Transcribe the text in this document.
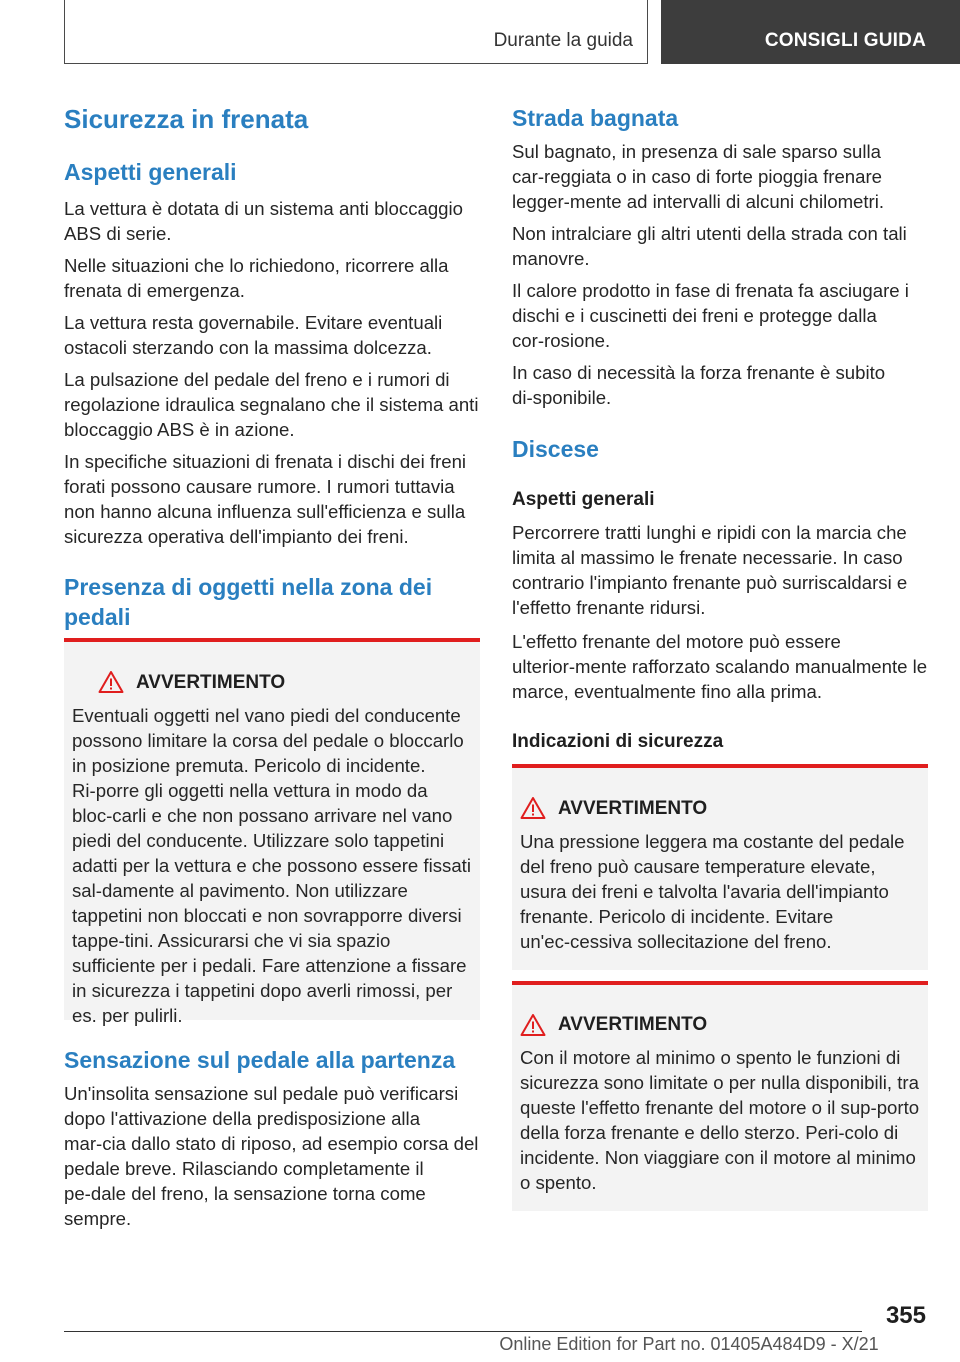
Durante la guida	CONSIGLI GUIDA
Sicurezza in frenata
Aspetti generali

La vettura è dotata di un sistema anti bloccaggio ABS di serie.

Nelle situazioni che lo richiedono, ricorrere alla frenata di emergenza.

La vettura resta governabile. Evitare eventuali ostacoli sterzando con la massima dolcezza.

La pulsazione del pedale del freno e i rumori di regolazione idraulica segnalano che il sistema anti bloccaggio ABS è in azione.

In specifiche situazioni di frenata i dischi dei freni forati possono causare rumore. I rumori tuttavia non hanno alcuna influenza sull'efficienza e sulla sicurezza operativa dell'impianto dei freni.

Presenza di oggetti nella zona dei pedali
AVVERTIMENTO

Eventuali oggetti nel vano piedi del conducente possono limitare la corsa del pedale o bloccarlo in posizione premuta. Pericolo di incidente. Ri‑porre gli oggetti nella vettura in modo da bloc‑carli e che non possano arrivare nel vano piedi del conducente. Utilizzare solo tappetini adatti per la vettura e che possono essere fissati sal‑damente al pavimento. Non utilizzare tappetini non bloccati e non sovrapporre diversi tappe‑tini. Assicurarsi che vi sia spazio sufficiente per i pedali. Fare attenzione a fissare in sicurezza i tappetini dopo averli rimossi, per es. per pulirli.

Sensazione sul pedale alla partenza

Un'insolita sensazione sul pedale può verificarsi dopo l'attivazione della predisposizione alla mar‑cia dallo stato di riposo, ad esempio corsa del pedale breve. Rilasciando completamente il pe‑dale del freno, la sensazione torna come sempre.

Strada bagnata

Sul bagnato, in presenza di sale sparso sulla car‑reggiata o in caso di forte pioggia frenare legger‑mente ad intervalli di alcuni chilometri.

Non intralciare gli altri utenti della strada con tali manovre.

Il calore prodotto in fase di frenata fa asciugare i dischi e i cuscinetti dei freni e protegge dalla cor‑rosione.

In caso di necessità la forza frenante è subito di‑sponibile.

Discese
Aspetti generali

Percorrere tratti lunghi e ripidi con la marcia che limita al massimo le frenate necessarie. In caso contrario l'impianto frenante può surriscaldarsi e l'effetto frenante ridursi.

L'effetto frenante del motore può essere ulterior‑mente rafforzato scalando manualmente le marce, eventualmente fino alla prima.

Indicazioni di sicurezza
AVVERTIMENTO

Una pressione leggera ma costante del pedale del freno può causare temperature elevate, usura dei freni e talvolta l'avaria dell'impianto frenante. Pericolo di incidente. Evitare un'ec‑cessiva sollecitazione del freno.

AVVERTIMENTO

Con il motore al minimo o spento le funzioni di sicurezza sono limitate o per nulla disponibili, tra queste l'effetto frenante del motore o il sup‑porto della forza frenante e dello sterzo. Peri‑colo di incidente. Non viaggiare con il motore al minimo o spento.

355
Online Edition for Part no. 01405A484D9 - X/21
